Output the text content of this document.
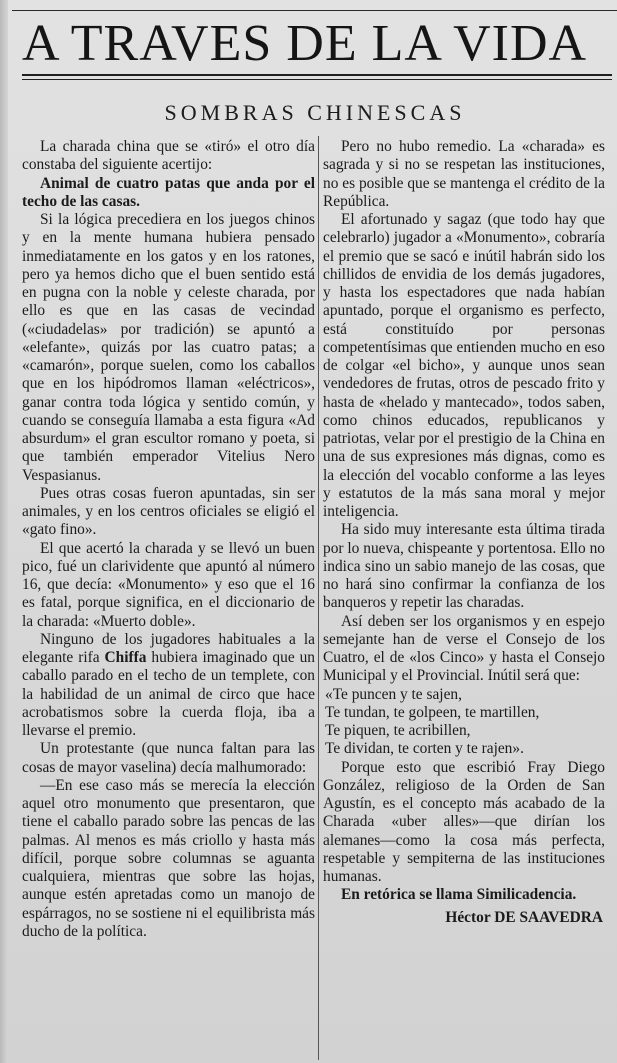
A TRAVES DE LA VIDA
SOMBRAS CHINESCAS

La charada china que se «tiró» el otro día constaba del siguiente acertijo:

Animal de cuatro patas que anda por el techo de las casas.

Si la lógica precediera en los juegos chinos y en la mente humana hubiera pensado inmediatamente en los gatos y en los ratones, pero ya hemos dicho que el buen sentido está en pugna con la noble y celeste charada, por ello es que en las casas de vecindad («ciudadelas» por tradición) se apuntó a «elefante», quizás por las cuatro patas; a «camarón», porque suelen, como los caballos que en los hipódromos llaman «eléctricos», ganar contra toda lógica y sentido común, y cuando se conseguía llamaba a esta figura «Ad absurdum» el gran escultor romano y poeta, si que también emperador Vitelius Nero Vespasianus.

Pues otras cosas fueron apuntadas, sin ser animales, y en los centros oficiales se eligió el «gato fino».

El que acertó la charada y se llevó un buen pico, fué un clarividente que apuntó al número 16, que decía: «Monumento» y eso que el 16 es fatal, porque significa, en el diccionario de la charada: «Muerto doble».

Ninguno de los jugadores habituales a la elegante rifa Chiffa hubiera imaginado que un caballo parado en el techo de un templete, con la habilidad de un animal de circo que hace acrobatismos sobre la cuerda floja, iba a llevarse el premio.

Un protestante (que nunca faltan para las cosas de mayor vaselina) decía malhumorado:

—En ese caso más se merecía la elección aquel otro monumento que presentaron, que tiene el caballo parado sobre las pencas de las palmas. Al menos es más criollo y hasta más difícil, porque sobre columnas se aguanta cualquiera, mientras que sobre las hojas, aunque estén apretadas como un manojo de espárragos, no se sostiene ni el equilibrista más ducho de la política.

Pero no hubo remedio. La «charada» es sagrada y si no se respetan las instituciones, no es posible que se mantenga el crédito de la República.

El afortunado y sagaz (que todo hay que celebrarlo) jugador a «Monumento», cobraría el premio que se sacó e inútil habrán sido los chillidos de envidia de los demás jugadores, y hasta los espectadores que nada habían apuntado, porque el organismo es perfecto, está constituído por personas competentísimas que entienden mucho en eso de colgar «el bicho», y aunque unos sean vendedores de frutas, otros de pescado frito y hasta de «helado y mantecado», todos saben, como chinos educados, republicanos y patriotas, velar por el prestigio de la China en una de sus expresiones más dignas, como es la elección del vocablo conforme a las leyes y estatutos de la más sana moral y mejor inteligencia.

Ha sido muy interesante esta última tirada por lo nueva, chispeante y portentosa. Ello no indica sino un sabio manejo de las cosas, que no hará sino confirmar la confianza de los banqueros y repetir las charadas.

Así deben ser los organismos y en espejo semejante han de verse el Consejo de los Cuatro, el de «los Cinco» y hasta el Consejo Municipal y el Provincial. Inútil será que:

«Te puncen y te sajen,

Te tundan, te golpeen, te martillen,

Te piquen, te acribillen,

Te dividan, te corten y te rajen».

Porque esto que escribió Fray Diego González, religioso de la Orden de San Agustín, es el concepto más acabado de la Charada «uber alles»—que dirían los alemanes—como la cosa más perfecta, respetable y sempiterna de las instituciones humanas.

En retórica se llama Similicadencia.

Héctor DE SAAVEDRA
